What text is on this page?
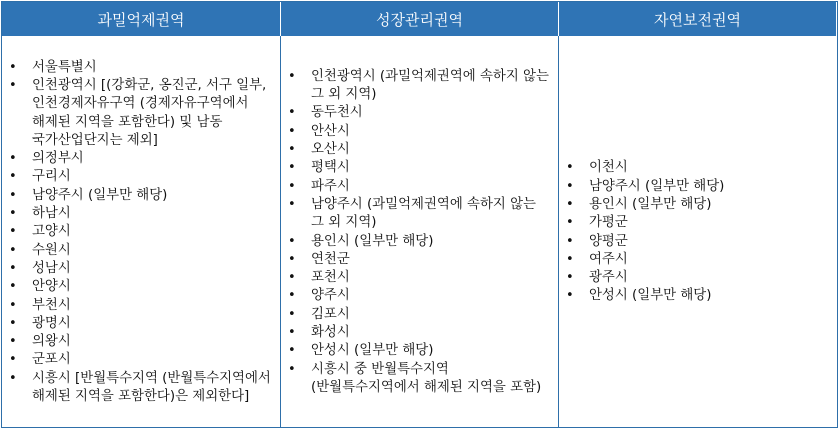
과밀억제권역	성장관리권역	자연보전권역
• 서울특별시
• 인천광역시 [(강화군, 옹진군, 서구 일부, 인천경제자유구역 (경제자유구역에서 해제된 지역을 포함한다) 및 남동 국가산업단지는 제외]
• 의정부시
• 구리시
• 남양주시 (일부만 해당)
• 하남시
• 고양시
• 수원시
• 성남시
• 안양시
• 부천시
• 광명시
• 의왕시
• 군포시
• 시흥시 [반월특수지역 (반월특수지역에서 해제된 지역을 포함한다)은 제외한다]
• 인천광역시 (과밀억제권역에 속하지 않는 그 외 지역)
• 동두천시
• 안산시
• 오산시
• 평택시
• 파주시
• 남양주시 (과밀억제권역에 속하지 않는 그 외 지역)
• 용인시 (일부만 해당)
• 연천군
• 포천시
• 양주시
• 김포시
• 화성시
• 안성시 (일부만 해당)
• 시흥시 중 반월특수지역 (반월특수지역에서 해제된 지역을 포함)
• 이천시
• 남양주시 (일부만 해당)
• 용인시 (일부만 해당)
• 가평군
• 양평군
• 여주시
• 광주시
• 안성시 (일부만 해당)
